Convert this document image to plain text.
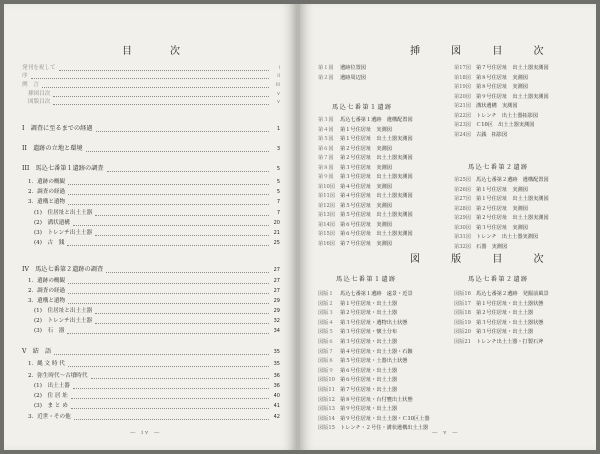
目　次
発刊を祝して	i
序	ii
例　言	iii
挿図目次	v
図版目次	v
I　調査に至るまでの経過	1
II　遺跡の立地と環境	3
III　馬込七番第１遺跡の調査	5
1．遺跡の概観	5
2．調査の経過	5
3．遺構と遺物	7
(1)　住居址と出土土器	7
(2)　溝状遺構	20
(3)　トレンチ出土土器	21
(4)　古　銭	25
IV　馬込七番第２遺跡の調査	27
1．遺跡の概観	27
2．調査の経過	27
3．遺構と遺物	29
(1)　住居址と出土土器	29
(2)　トレンチ出土土器	32
(3)　石　器	34
V　結　語	35
1．縄 文 時 代	35
2．弥生時代～古墳時代	36
(1)　出土土器	36
(2)　住 居 址	40
(3)　ま と め	41
3．近世・その他	42
— iv —
挿 図 目 次
第１図 遺跡位置図
第２図 遺跡周辺図
馬込七番第１遺跡
第３図 馬込七番第１遺跡　遺構配置図
第４図 第１号住居址　実測図
第５図 第１号住居址　出土土器実測図
第６図 第２号住居址　実測図
第７図 第２号住居址　出土土器実測図
第８図 第３号住居址　実測図
第９図 第３号住居址　出土土器実測図
第10図 第４号住居址　実測図
第11図 第４号住居址　出土土器実測図
第12図 第５号住居址　実測図
第13図 第５号住居址　出土土器実測図
第14図 第６号住居址　実測図
第15図 第６号住居址　出土土器実測図
第16図 第７号住居址　実測図
第17図 第７号住居址　出土土器実測図
第18図 第８号住居址　実測図
第19図 第８号住居址　実測図
第20図 第９号住居址　出土土器実測図
第21図 溝状遺構　実測図
第22図 トレンチ　出土土器拓影図
第23図 Ｃ10区　出土土器実測図
第24図 古銭　拓影図
馬込七番第２遺跡
第25図 馬込七番第２遺跡　遺構配置図
第26図 第１号住居址　実測図
第27図 第１号住居址　出土土器実測図
第28図 第２号住居址　実測図
第29図 第２号住居址　出土土器実測図
第30図 第３号住居址　実測図
第31図 トレンチ　出土土器実測図
第32図 石器　実測図
図 版 目 次
馬込七番第１遺跡
図版１ 馬込七番第１遺跡　遠景・近景
図版２ 第１号住居址・出土土器
図版３ 第２号住居址・出土土器
図版４ 第３号住居址・遺物出土状態
図版５ 第３号住居址・懐土分布
図版６ 第３号住居址・出土土器
図版７ 第４号住居址・出土土器・石鏃
図版８ 第５号住居址・土器出土状態
図版９ 第６号住居址・出土土器
図版10 第６号住居址・出土土器
図版11 第７号住居址・出土土器
図版12 第８号住居址・台付甕出土状態
図版13 第９号住居址・出土土器
図版14 第９号住居址・出土土器・Ｃ10区土器
図版15 トレンチ・２号住・溝状遺構出土土器
馬込七番第２遺跡
図版16 馬込七番第２遺跡　発掘前風景
図版17 第１号住居址・出土土器状態
図版18 第２号住居址・出土土器
図版19 第３号住居址・出土土器状態
図版20 第３号住居址・出土土器
図版21 トレンチ出土土器・打製石斧
— v —
